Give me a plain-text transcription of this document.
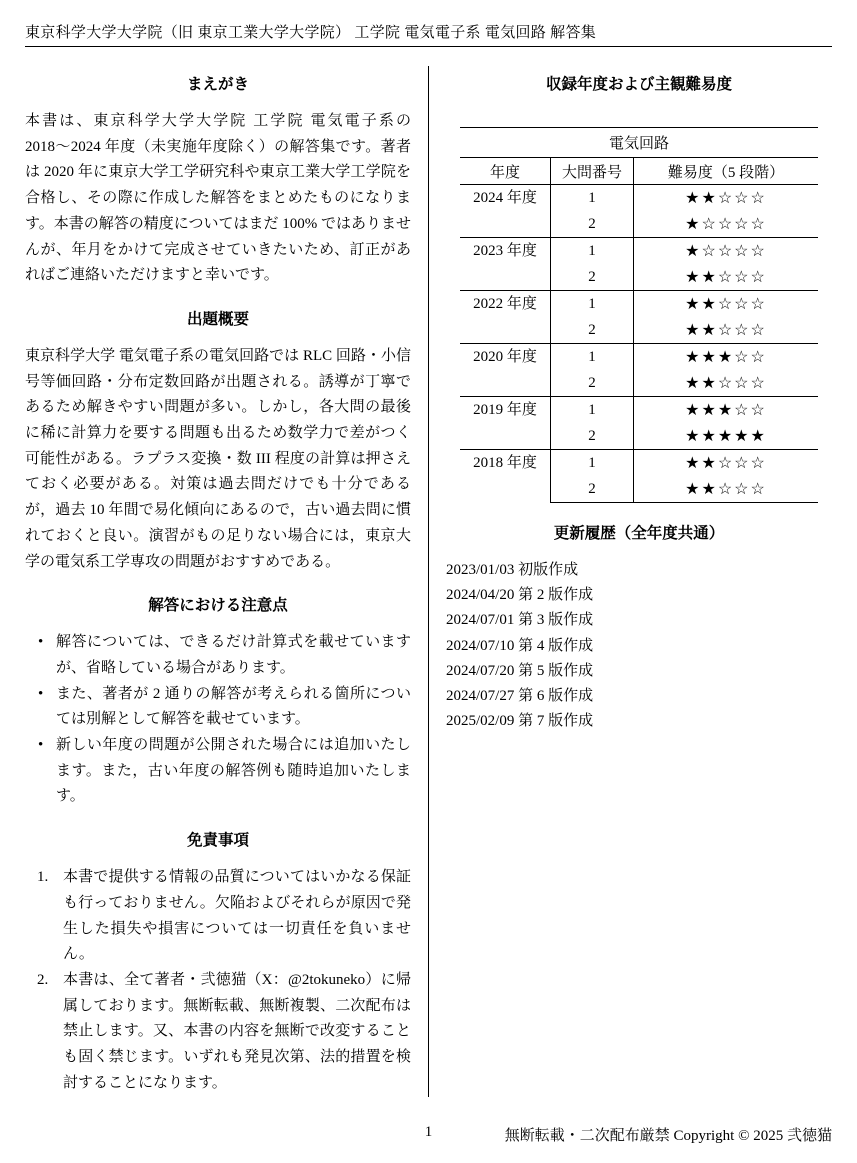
東京科学大学大学院（旧 東京工業大学大学院） 工学院 電気電子系 電気回路 解答集
まえがき

本書は、東京科学大学大学院 工学院 電気電子系の 2018〜2024 年度（未実施年度除く）の解答集です。著者は 2020 年に東京大学工学研究科や東京工業大学工学院を合格し、その際に作成した解答をまとめたものになります。本書の解答の精度についてはまだ 100% ではありませんが、年月をかけて完成させていきたいため、訂正があればご連絡いただけますと幸いです。

出題概要

東京科学大学 電気電子系の電気回路では RLC 回路・小信号等価回路・分布定数回路が出題される。誘導が丁寧であるため解きやすい問題が多い。しかし，各大問の最後に稀に計算力を要する問題も出るため数学力で差がつく可能性がある。ラプラス変換・数 III 程度の計算は押さえておく必要がある。対策は過去問だけでも十分であるが，過去 10 年間で易化傾向にあるので，古い過去問に慣れておくと良い。演習がもの足りない場合には，東京大学の電気系工学専攻の問題がおすすめである。

解答における注意点
• 解答については、できるだけ計算式を載せていますが、省略している場合があります。
• また、著者が 2 通りの解答が考えられる箇所については別解として解答を載せています。
• 新しい年度の問題が公開された場合には追加いたします。また，古い年度の解答例も随時追加いたします。
免責事項
1. 本書で提供する情報の品質についてはいかなる保証も行っておりません。欠陥およびそれらが原因で発生した損失や損害については一切責任を負いません。
2. 本書は、全て著者・弐徳猫（X：@2tokuneko）に帰属しております。無断転載、無断複製、二次配布は禁止します。又、本書の内容を無断で改変することも固く禁じます。いずれも発見次第、法的措置を検討することになります。
収録年度および主観難易度
電気回路		
年度	大問番号	難易度（5 段階）
2024 年度	1	★★☆☆☆
	2	★☆☆☆☆
2023 年度	1	★☆☆☆☆
	2	★★☆☆☆
2022 年度	1	★★☆☆☆
	2	★★☆☆☆
2020 年度	1	★★★☆☆
	2	★★☆☆☆
2019 年度	1	★★★☆☆
	2	★★★★★
2018 年度	1	★★☆☆☆
	2	★★☆☆☆
更新履歴（全年度共通）
2023/01/03 初版作成
2024/04/20 第 2 版作成
2024/07/01 第 3 版作成
2024/07/10 第 4 版作成
2024/07/20 第 5 版作成
2024/07/27 第 6 版作成
2025/02/09 第 7 版作成
1	無断転載・二次配布厳禁 Copyright © 2025 弐徳猫
